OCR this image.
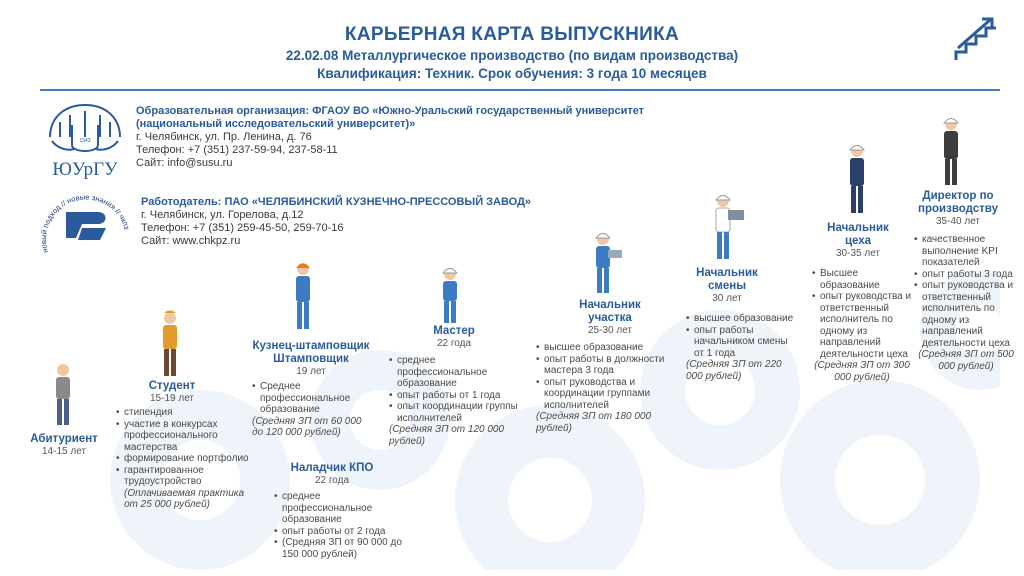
КАРЬЕРНАЯ КАРТА ВЫПУСКНИКА
22.02.08 Металлургическое производство (по видам производства)
Квалификация: Техник. Срок обучения: 3 года 10 месяцев
1943
ЮУрГУ
Образовательная организация: ФГАОУ ВО «Южно-Уральский государственный университет
(национальный исследовательский университет)»
г. Челябинск, ул. Пр. Ленина, д. 76
Телефон: +7 (351) 237-59-94, 237-58-11
Сайт: info@susu.ru
новый подход // новые знания // чкпз
Работодатель: ПАО «ЧЕЛЯБИНСКИЙ КУЗНЕЧНО-ПРЕССОВЫЙ ЗАВОД»
г. Челябинск, ул. Горелова, д.12
Телефон: +7 (351) 259-45-50, 259-70-16
Сайт: www.chkpz.ru
Абитуриент
14-15 лет
Студент
15-19 лет
• стипендия
• участие в конкурсах профессионального мастерства
• формирование портфолио
• гарантированное трудоустройство
(Оплачиваемая практика от 25 000 рублей)
Кузнец-штамповщик
Штамповщик
19 лет
• Среднее профессиональное образование
(Средняя ЗП от 60 000 до 120 000 рублей)
Наладчик КПО
22 года
• среднее профессиональное образование
• опыт работы от 2 года
• (Средняя ЗП от 90 000 до 150 000 рублей)
Мастер
22 года
• среднее профессиональное образование
• опыт работы от 1 года
• опыт координации группы исполнителей
(Средняя ЗП от 120 000 рублей)
Начальник
участка
25-30 лет
• высшее образование
• опыт работы в должности мастера 3 года
• опыт руководства и координации группами исполнителей
(Средняя ЗП от 180 000 рублей)
Начальник
смены
30 лет
• высшее образование
• опыт работы начальником смены от 1 года
(Средняя ЗП от 220 000 рублей)
Начальник
цеха
30-35 лет
• Высшее образование
• опыт руководства и ответственный исполнитель по одному из направлений деятельности цеха
(Средняя ЗП от 300 000 рублей)
Директор по
производству
35-40 лет
• качественное выполнение KPI показателей
• опыт работы 3 года
• опыт руководства и ответственный исполнитель по одному из направлений деятельности цеха
(Средняя ЗП от 500 000 рублей)
